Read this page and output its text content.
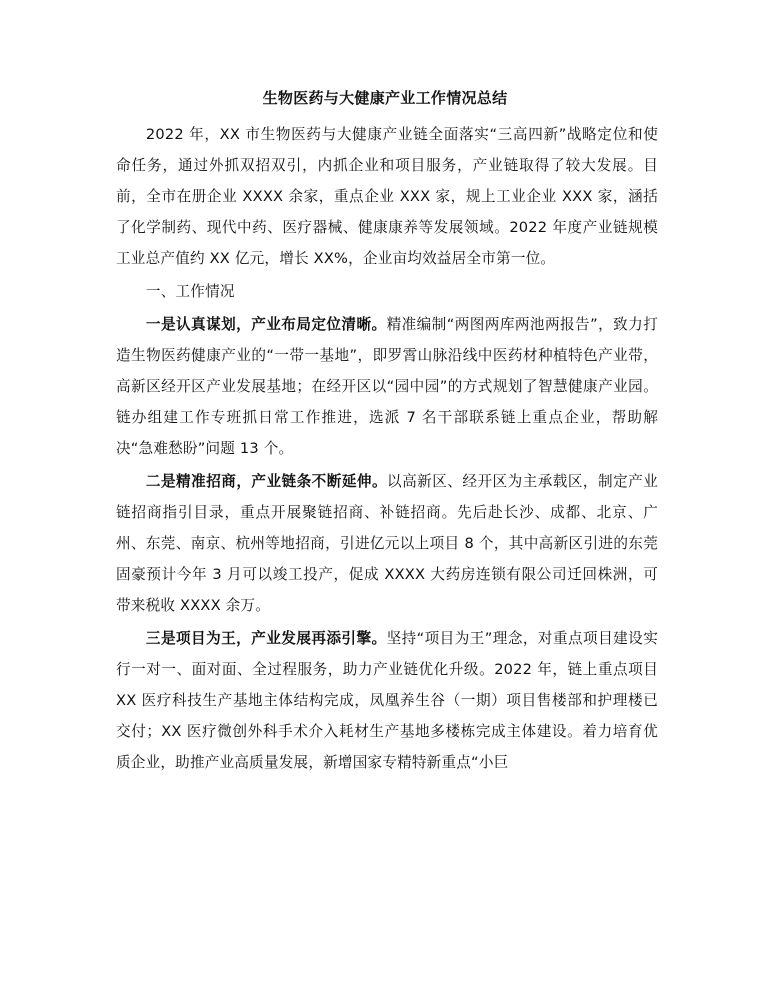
生物医药与大健康产业工作情况总结

2022 年，XX 市生物医药与大健康产业链全面落实“三高四新”战略定位和使命任务，通过外抓双招双引，内抓企业和项目服务，产业链取得了较大发展。目前，全市在册企业 XXXX 余家，重点企业 XXX 家，规上工业企业 XXX 家，涵括了化学制药、现代中药、医疗器械、健康康养等发展领域。2022 年度产业链规模工业总产值约 XX 亿元，增长 XX%，企业亩均效益居全市第一位。

一、工作情况

一是认真谋划，产业布局定位清晰。精准编制“两图两库两池两报告”，致力打造生物医药健康产业的“一带一基地”，即罗霄山脉沿线中医药材种植特色产业带，高新区经开区产业发展基地；在经开区以“园中园”的方式规划了智慧健康产业园。链办组建工作专班抓日常工作推进，选派 7 名干部联系链上重点企业，帮助解决“急难愁盼”问题 13 个。

二是精准招商，产业链条不断延伸。以高新区、经开区为主承载区，制定产业链招商指引目录，重点开展聚链招商、补链招商。先后赴长沙、成都、北京、广州、东莞、南京、杭州等地招商，引进亿元以上项目 8 个，其中高新区引进的东莞固豪预计今年 3 月可以竣工投产，促成 XXXX 大药房连锁有限公司迁回株洲，可带来税收 XXXX 余万。

三是项目为王，产业发展再添引擎。坚持“项目为王”理念，对重点项目建设实行一对一、面对面、全过程服务，助力产业链优化升级。2022 年，链上重点项目 XX 医疗科技生产基地主体结构完成，凤凰养生谷（一期）项目售楼部和护理楼已交付；XX 医疗微创外科手术介入耗材生产基地多楼栋完成主体建设。着力培育优质企业，助推产业高质量发展，新增国家专精特新重点“小巨
